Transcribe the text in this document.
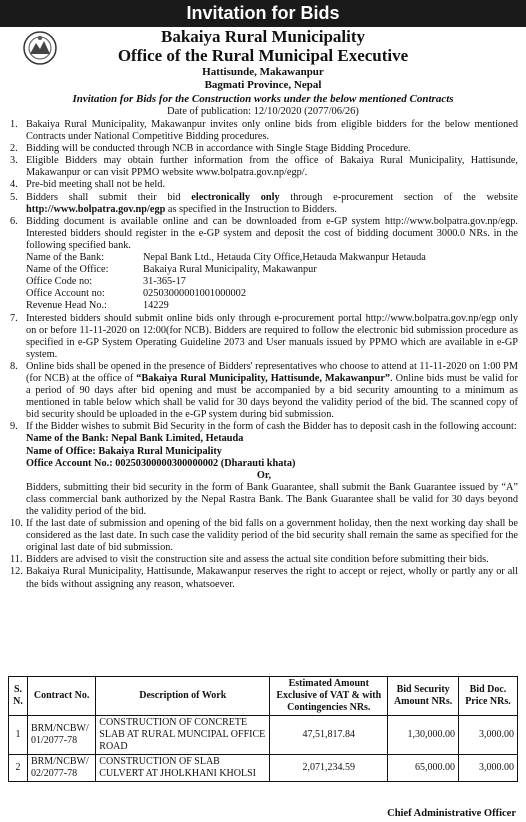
Invitation for Bids
Bakaiya Rural Municipality
Office of the Rural Municipal Executive
Hattisunde, Makawanpur
Bagmati Province, Nepal
Invitation for Bids for the Construction works under the below mentioned Contracts
Date of publication: 12/10/2020 (2077/06/26)

1. Bakaiya Rural Municipality, Makawanpur invites only online bids from eligible bidders for the below mentioned Contracts under National Competitive Bidding procedures.

2. Bidding will be conducted through NCB in accordance with Single Stage Bidding Procedure.

3. Eligible Bidders may obtain further information from the office of Bakaiya Rural Municipality, Hattisunde, Makawanpur or can visit PPMO website www.bolpatra.gov.np/egp/.

4. Pre-bid meeting shall not be held.

5. Bidders shall submit their bid electronically only through e-procurement section of the website http://www.bolpatra.gov.np/egp as specified in the Instruction to Bidders.

6. Bidding document is available online and can be downloaded from e-GP system http://www.bolpatra.gov.np/egp. Interested bidders should register in the e-GP system and deposit the cost of bidding document 3000.0 NRs. in the following specified bank.

Name of the Bank:	Nepal Bank Ltd., Hetauda City Office,Hetauda Makwanpur Hetauda
Name of the Office:	Bakaiya Rural Municipality, Makawanpur
Office Code no:	31-365-17
Office Account no:	02503000001001000002
Revenue Head No.:	14229

7. Interested bidders should submit online bids only through e-procurement portal http://www.bolpatra.gov.np/egp only on or before 11-11-2020 on 12:00(for NCB). Bidders are required to follow the electronic bid submission procedure as specified in e-GP System Operating Guideline 2073 and User manuals issued by PPMO which are available in e-GP system.

8. Online bids shall be opened in the presence of Bidders' representatives who choose to attend at 11-11-2020 on 1:00 PM (for NCB) at the office of “Bakaiya Rural Municipality, Hattisunde, Makawanpur”. Online bids must be valid for a period of 90 days after bid opening and must be accompanied by a bid security amounting to a minimum as mentioned in table below which shall be valid for 30 days beyond the validity period of the bid. The scanned copy of bid security should be uploaded in the e-GP system during bid submission.

9. If the Bidder wishes to submit Bid Security in the form of cash the Bidder has to deposit cash in the following account:

Name of the Bank: Nepal Bank Limited, Hetauda

Name of Office: Bakaiya Rural Municipality

Office Account No.: 00250300000300000002 (Dharauti khata)

Or,

Bidders, submitting their bid security in the form of Bank Guarantee, shall submit the Bank Guarantee issued by “A” class commercial bank authorized by the Nepal Rastra Bank. The Bank Guarantee shall be valid for 30 days beyond the validity period of the bid.

10. If the last date of submission and opening of the bid falls on a government holiday, then the next working day shall be considered as the last date. In such case the validity period of the bid security shall remain the same as specified for the original last date of bid submission.

11. Bidders are advised to visit the construction site and assess the actual site condition before submitting their bids.

12. Bakaiya Rural Municipality, Hattisunde, Makawanpur reserves the right to accept or reject, wholly or partly any or all the bids without assigning any reason, whatsoever.

S. N.	Contract No.	Description of Work	Estimated Amount Exclusive of VAT & with Contingencies NRs.	Bid Security Amount NRs.	Bid Doc. Price NRs.
1	BRM/NCBW/ 01/2077-78	CONSTRUCTION OF CONCRETE SLAB AT RURAL MUNCIPAL OFFICE ROAD	47,51,817.84	1,30,000.00	3,000.00
2	BRM/NCBW/ 02/2077-78	CONSTRUCTION OF SLAB CULVERT AT JHOLKHANI KHOLSI	2,071,234.59	65,000.00	3,000.00
Chief Administrative Officer
